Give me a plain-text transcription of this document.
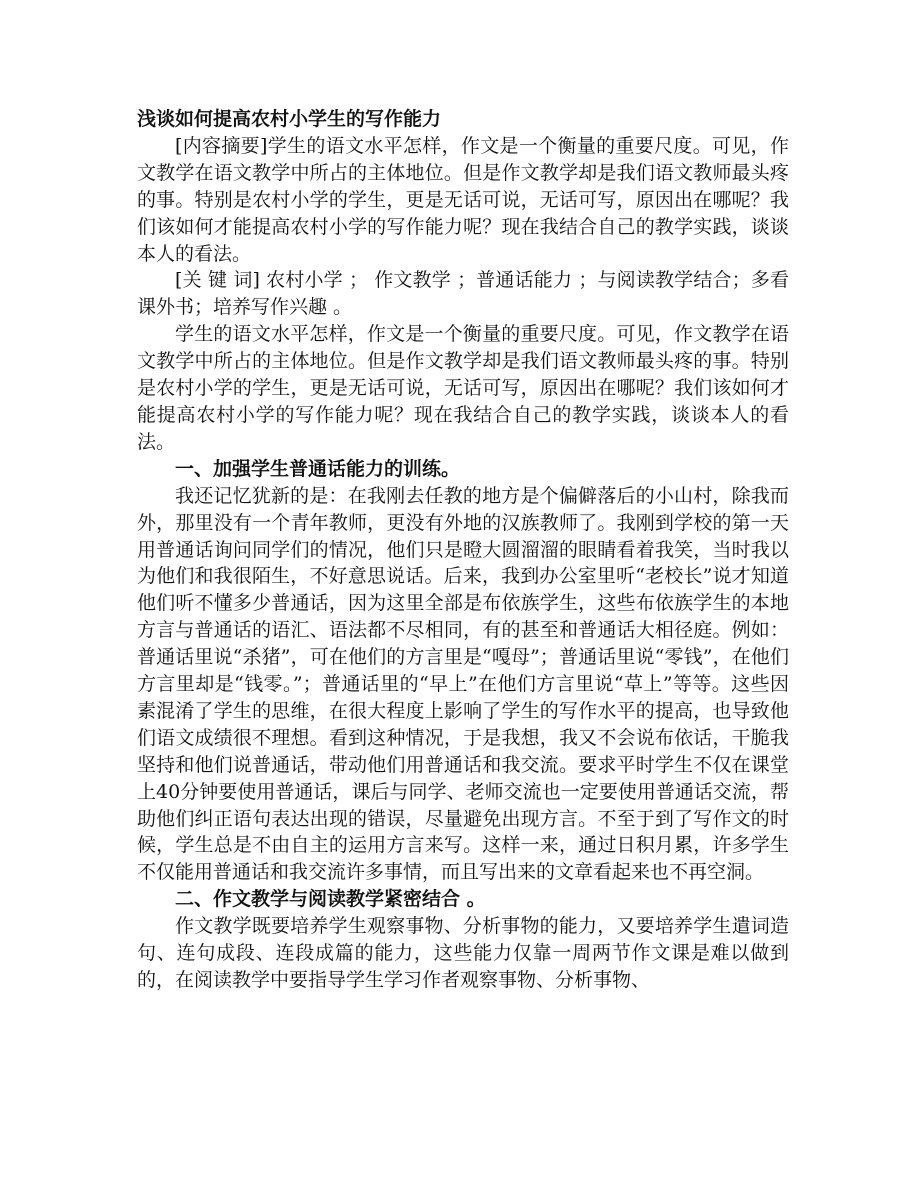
浅谈如何提高农村小学生的写作能力

[内容摘要]学生的语文水平怎样，作文是一个衡量的重要尺度。可见，作文教学在语文教学中所占的主体地位。但是作文教学却是我们语文教师最头疼的事。特别是农村小学的学生，更是无话可说，无话可写，原因出在哪呢？我们该如何才能提高农村小学的写作能力呢？现在我结合自己的教学实践，谈谈本人的看法。

[关 键 词] 农村小学 ； 作文教学 ；普通话能力 ；与阅读教学结合；多看课外书；培养写作兴趣 。

学生的语文水平怎样，作文是一个衡量的重要尺度。可见，作文教学在语文教学中所占的主体地位。但是作文教学却是我们语文教师最头疼的事。特别是农村小学的学生，更是无话可说，无话可写，原因出在哪呢？我们该如何才能提高农村小学的写作能力呢？现在我结合自己的教学实践，谈谈本人的看法。

一、加强学生普通话能力的训练。

我还记忆犹新的是：在我刚去任教的地方是个偏僻落后的小山村，除我而外，那里没有一个青年教师，更没有外地的汉族教师了。我刚到学校的第一天用普通话询问同学们的情况，他们只是瞪大圆溜溜的眼睛看着我笑，当时我以为他们和我很陌生，不好意思说话。后来，我到办公室里听“老校长”说才知道他们听不懂多少普通话，因为这里全部是布依族学生，这些布依族学生的本地方言与普通话的语汇、语法都不尽相同，有的甚至和普通话大相径庭。例如：普通话里说“杀猪”，可在他们的方言里是“嘎母”；普通话里说“零钱”，在他们方言里却是“钱零。”；普通话里的“早上”在他们方言里说“草上”等等。这些因素混淆了学生的思维，在很大程度上影响了学生的写作水平的提高，也导致他们语文成绩很不理想。看到这种情况，于是我想，我又不会说布依话，干脆我坚持和他们说普通话，带动他们用普通话和我交流。要求平时学生不仅在课堂上40分钟要使用普通话，课后与同学、老师交流也一定要使用普通话交流，帮助他们纠正语句表达出现的错误，尽量避免出现方言。不至于到了写作文的时候，学生总是不由自主的运用方言来写。这样一来，通过日积月累，许多学生不仅能用普通话和我交流许多事情，而且写出来的文章看起来也不再空洞。

二、作文教学与阅读教学紧密结合 。

作文教学既要培养学生观察事物、分析事物的能力，又要培养学生遣词造句、连句成段、连段成篇的能力，这些能力仅靠一周两节作文课是难以做到的，在阅读教学中要指导学生学习作者观察事物、分析事物、
